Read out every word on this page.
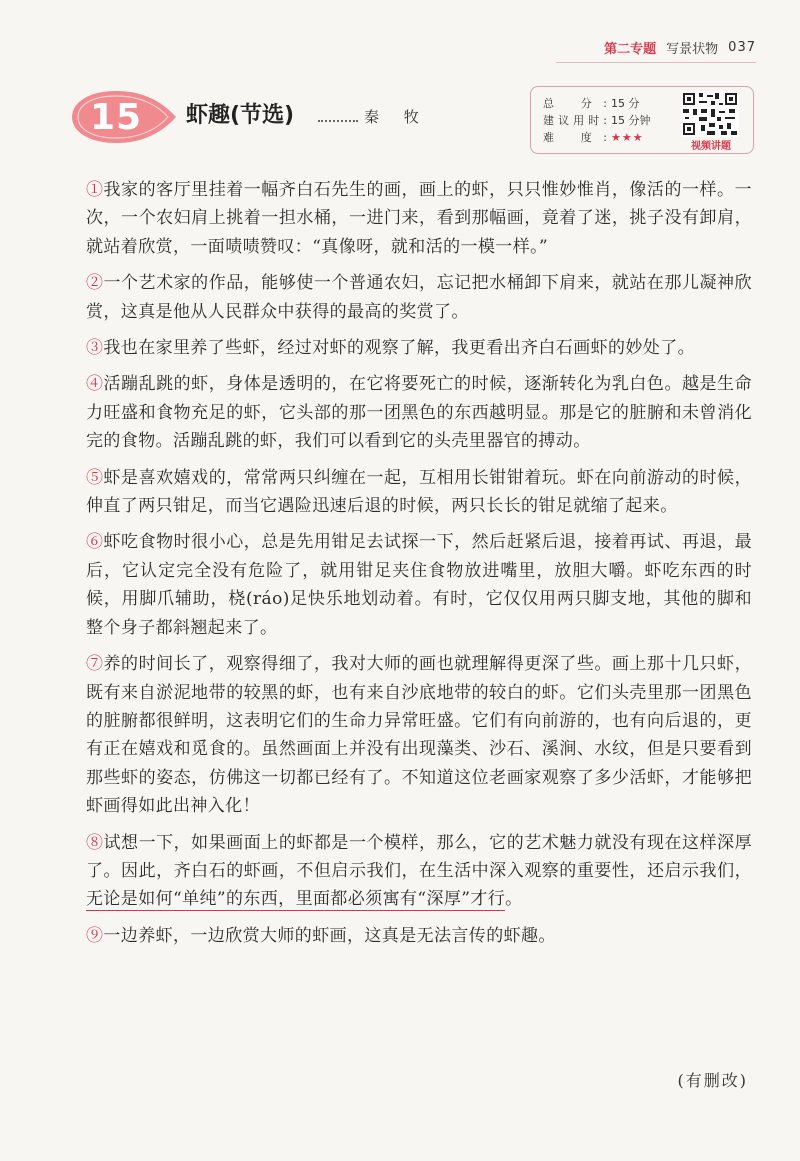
第二专题 写景状物 037
15	虾趣(节选)	秦 牧
总 分: 15 分
建议用时: 15 分钟
难 度: ★★★
视频讲题

①我家的客厅里挂着一幅齐白石先生的画，画上的虾，只只惟妙惟肖，像活的一样。一次，一个农妇肩上挑着一担水桶，一进门来，看到那幅画，竟着了迷，挑子没有卸肩，就站着欣赏，一面啧啧赞叹：“真像呀，就和活的一模一样。”

②一个艺术家的作品，能够使一个普通农妇，忘记把水桶卸下肩来，就站在那儿凝神欣赏，这真是他从人民群众中获得的最高的奖赏了。

③我也在家里养了些虾，经过对虾的观察了解，我更看出齐白石画虾的妙处了。

④活蹦乱跳的虾，身体是透明的，在它将要死亡的时候，逐渐转化为乳白色。越是生命力旺盛和食物充足的虾，它头部的那一团黑色的东西越明显。那是它的脏腑和未曾消化完的食物。活蹦乱跳的虾，我们可以看到它的头壳里器官的搏动。

⑤虾是喜欢嬉戏的，常常两只纠缠在一起，互相用长钳钳着玩。虾在向前游动的时候，伸直了两只钳足，而当它遇险迅速后退的时候，两只长长的钳足就缩了起来。

⑥虾吃食物时很小心，总是先用钳足去试探一下，然后赶紧后退，接着再试、再退，最后，它认定完全没有危险了，就用钳足夹住食物放进嘴里，放胆大嚼。虾吃东西的时候，用脚爪辅助，桡(ráo)足快乐地划动着。有时，它仅仅用两只脚支地，其他的脚和整个身子都斜翘起来了。

⑦养的时间长了，观察得细了，我对大师的画也就理解得更深了些。画上那十几只虾，既有来自淤泥地带的较黑的虾，也有来自沙底地带的较白的虾。它们头壳里那一团黑色的脏腑都很鲜明，这表明它们的生命力异常旺盛。它们有向前游的，也有向后退的，更有正在嬉戏和觅食的。虽然画面上并没有出现藻类、沙石、溪涧、水纹，但是只要看到那些虾的姿态，仿佛这一切都已经有了。不知道这位老画家观察了多少活虾，才能够把虾画得如此出神入化！

⑧试想一下，如果画面上的虾都是一个模样，那么，它的艺术魅力就没有现在这样深厚了。因此，齐白石的虾画，不但启示我们，在生活中深入观察的重要性，还启示我们，无论是如何“单纯”的东西，里面都必须寓有“深厚”才行。

⑨一边养虾，一边欣赏大师的虾画，这真是无法言传的虾趣。

(有删改)
